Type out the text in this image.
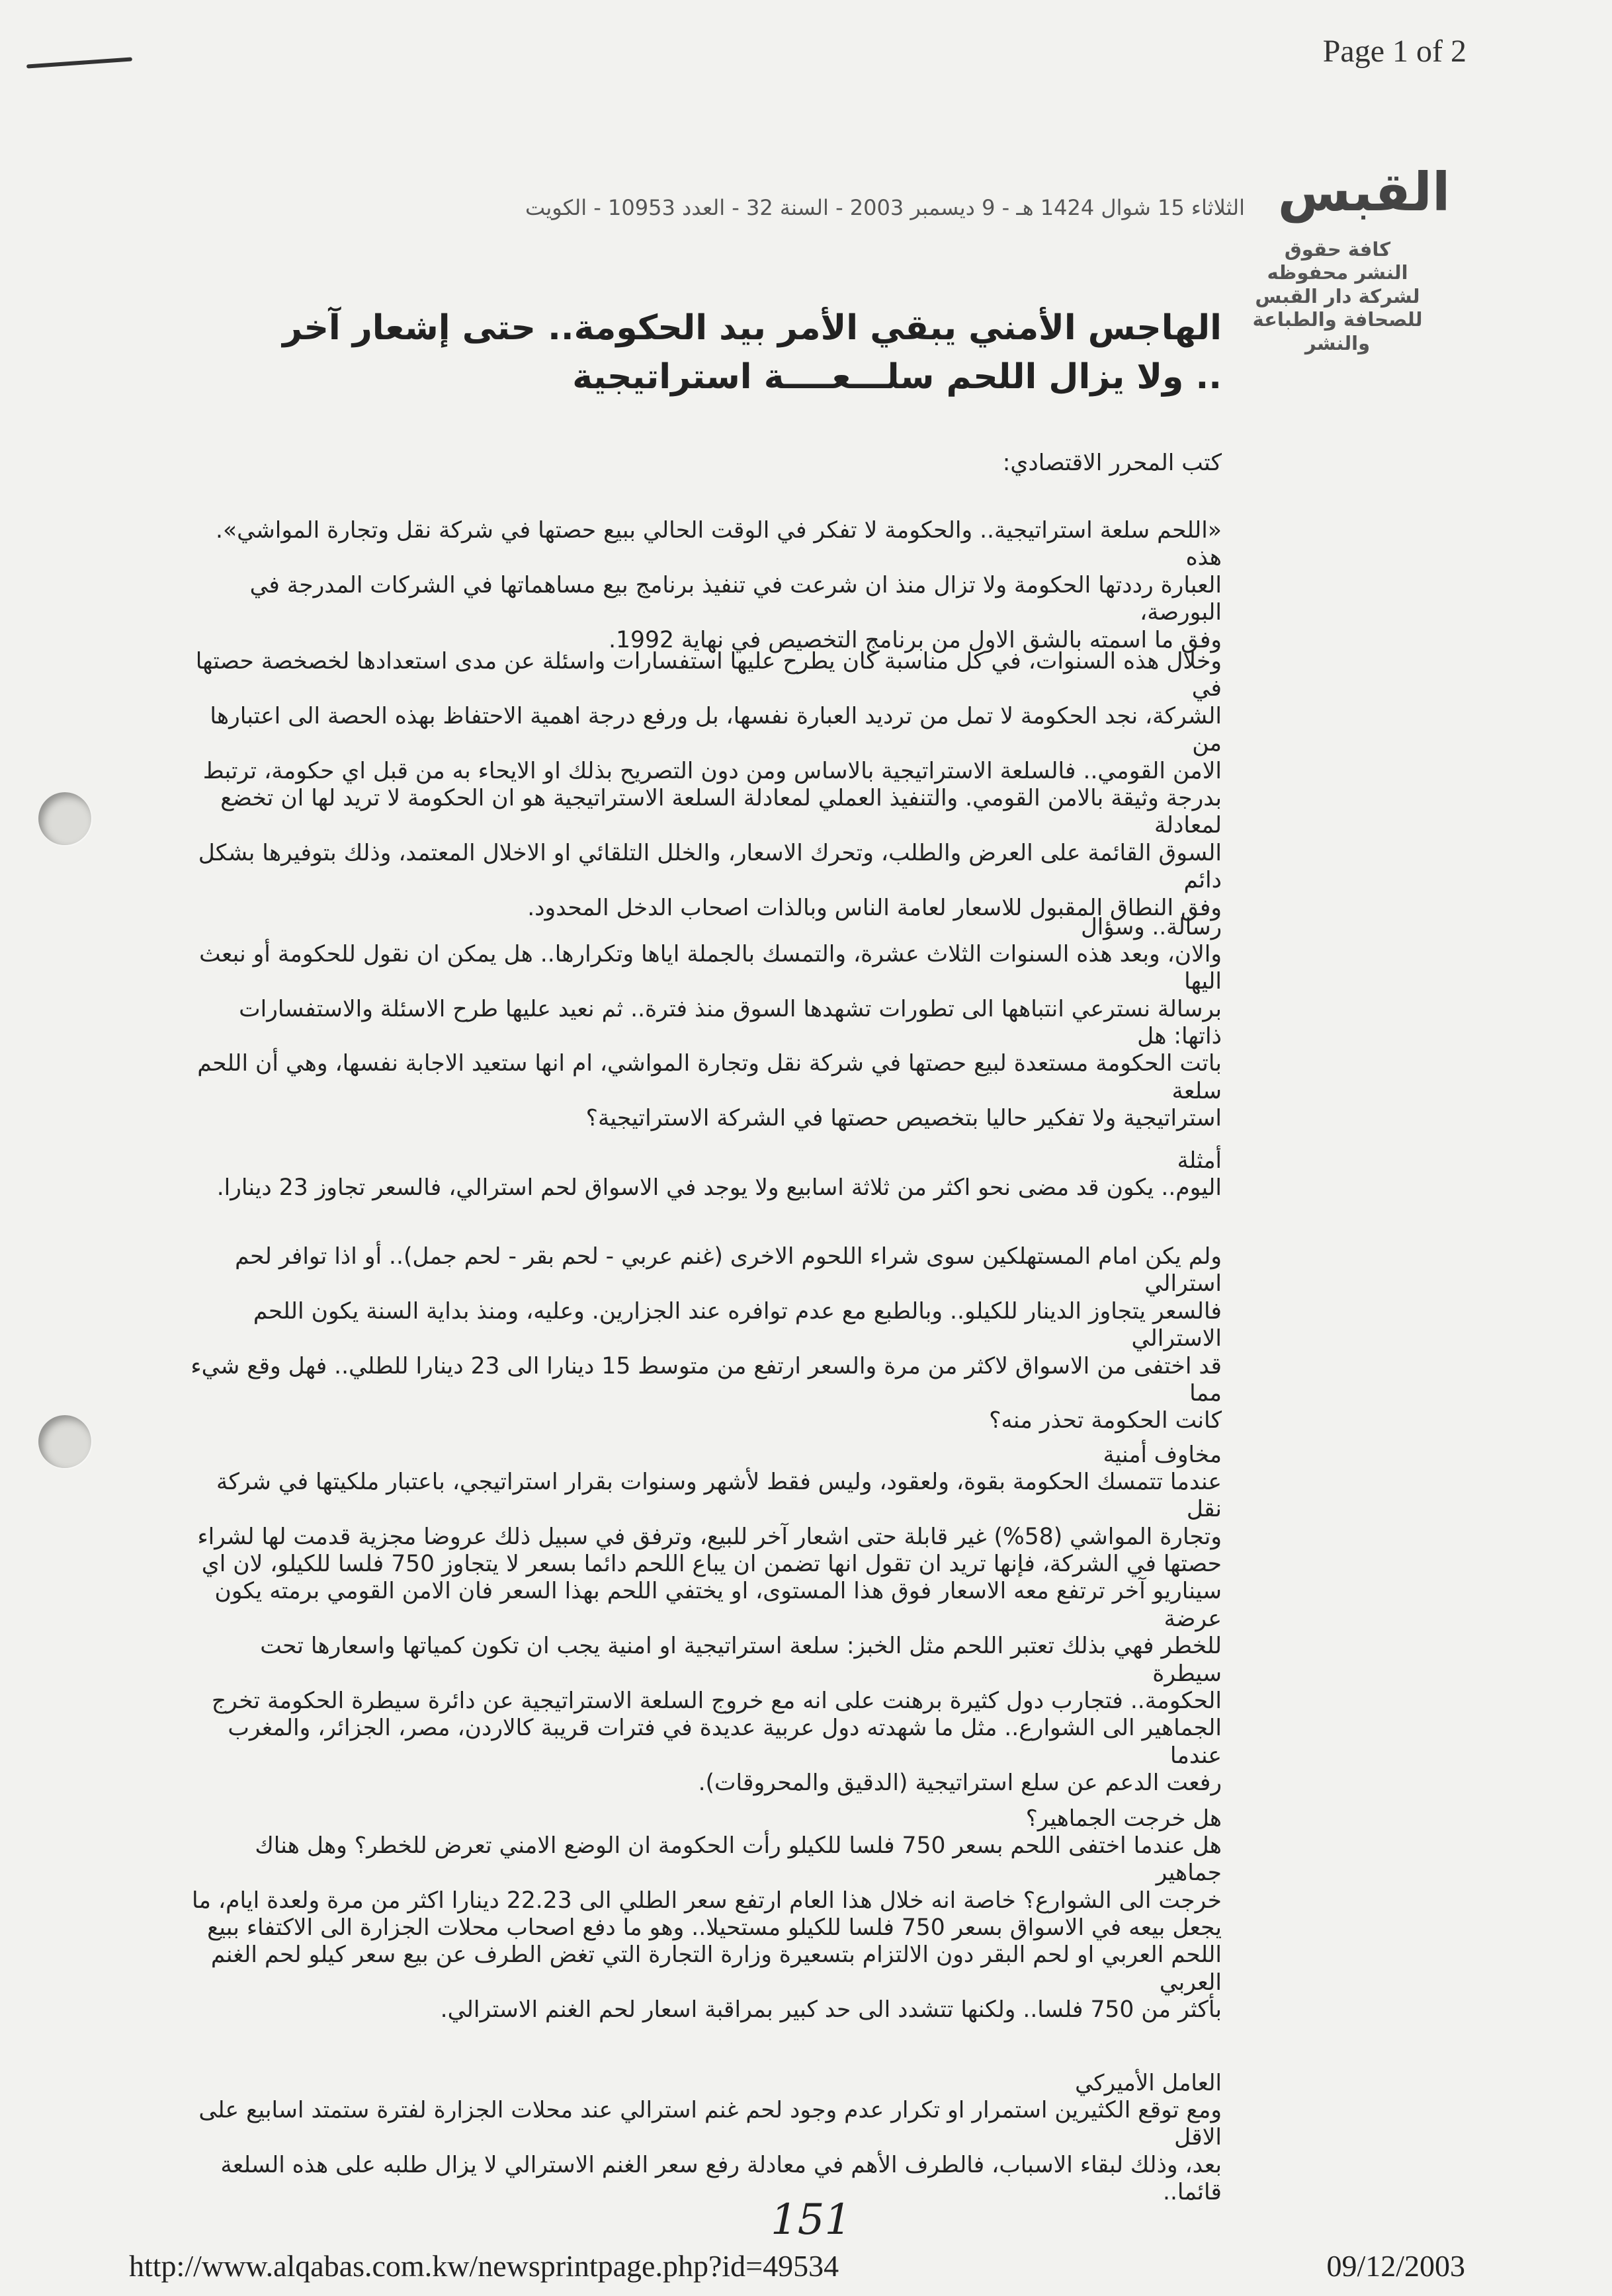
Page 1 of 2
القبس
كافة حقوق
النشر محفوظه
لشركة دار القبس
للصحافة والطباعة
والنشر
الثلاثاء 15 شوال 1424 هـ - 9 ديسمبر 2003 - السنة 32 - العدد 10953 - الكويت
الهاجس الأمني يبقي الأمر بيد الحكومة.. حتى إشعار آخر
.. ولا يزال اللحم سلـــعــــة استراتيجية

كتب المحرر الاقتصادي:

«اللحم سلعة استراتيجية.. والحكومة لا تفكر في الوقت الحالي ببيع حصتها في شركة نقل وتجارة المواشي». هذه

العبارة رددتها الحكومة ولا تزال منذ ان شرعت في تنفيذ برنامج بيع مساهماتها في الشركات المدرجة في البورصة،

وفق ما اسمته بالشق الاول من برنامج التخصيص في نهاية 1992.

وخلال هذه السنوات، في كل مناسبة كان يطرح عليها استفسارات واسئلة عن مدى استعدادها لخصخصة حصتها في

الشركة، نجد الحكومة لا تمل من ترديد العبارة نفسها، بل ورفع درجة اهمية الاحتفاظ بهذه الحصة الى اعتبارها من

الامن القومي.. فالسلعة الاستراتيجية بالاساس ومن دون التصريح بذلك او الايحاء به من قبل اي حكومة، ترتبط

بدرجة وثيقة بالامن القومي. والتنفيذ العملي لمعادلة السلعة الاستراتيجية هو ان الحكومة لا تريد لها ان تخضع لمعادلة

السوق القائمة على العرض والطلب، وتحرك الاسعار، والخلل التلقائي او الاخلال المعتمد، وذلك بتوفيرها بشكل دائم

وفق النطاق المقبول للاسعار لعامة الناس وبالذات اصحاب الدخل المحدود.

رسالة.. وسؤال

والان، وبعد هذه السنوات الثلاث عشرة، والتمسك بالجملة اياها وتكرارها.. هل يمكن ان نقول للحكومة أو نبعث اليها

برسالة نسترعي انتباهها الى تطورات تشهدها السوق منذ فترة.. ثم نعيد عليها طرح الاسئلة والاستفسارات ذاتها: هل

باتت الحكومة مستعدة لبيع حصتها في شركة نقل وتجارة المواشي، ام انها ستعيد الاجابة نفسها، وهي أن اللحم سلعة

استراتيجية ولا تفكير حاليا بتخصيص حصتها في الشركة الاستراتيجية؟

أمثلة

اليوم.. يكون قد مضى نحو اكثر من ثلاثة اسابيع ولا يوجد في الاسواق لحم استرالي، فالسعر تجاوز 23 دينارا.

ولم يكن امام المستهلكين سوى شراء اللحوم الاخرى (غنم عربي - لحم بقر - لحم جمل).. أو اذا توافر لحم استرالي

فالسعر يتجاوز الدينار للكيلو.. وبالطبع مع عدم توافره عند الجزارين. وعليه، ومنذ بداية السنة يكون اللحم الاسترالي

قد اختفى من الاسواق لاكثر من مرة والسعر ارتفع من متوسط 15 دينارا الى 23 دينارا للطلي.. فهل وقع شيء مما

كانت الحكومة تحذر منه؟

مخاوف أمنية

عندما تتمسك الحكومة بقوة، ولعقود، وليس فقط لأشهر وسنوات بقرار استراتيجي، باعتبار ملكيتها في شركة نقل

وتجارة المواشي (58%) غير قابلة حتى اشعار آخر للبيع، وترفق في سبيل ذلك عروضا مجزية قدمت لها لشراء

حصتها في الشركة، فإنها تريد ان تقول انها تضمن ان يباع اللحم دائما بسعر لا يتجاوز 750 فلسا للكيلو، لان اي

سيناريو آخر ترتفع معه الاسعار فوق هذا المستوى، او يختفي اللحم بهذا السعر فان الامن القومي برمته يكون عرضة

للخطر فهي بذلك تعتبر اللحم مثل الخبز: سلعة استراتيجية او امنية يجب ان تكون كمياتها واسعارها تحت سيطرة

الحكومة.. فتجارب دول كثيرة برهنت على انه مع خروج السلعة الاستراتيجية عن دائرة سيطرة الحكومة تخرج

الجماهير الى الشوارع.. مثل ما شهدته دول عربية عديدة في فترات قريبة كالاردن، مصر، الجزائر، والمغرب عندما

رفعت الدعم عن سلع استراتيجية (الدقيق والمحروقات).

هل خرجت الجماهير؟

هل عندما اختفى اللحم بسعر 750 فلسا للكيلو رأت الحكومة ان الوضع الامني تعرض للخطر؟ وهل هناك جماهير

خرجت الى الشوارع؟ خاصة انه خلال هذا العام ارتفع سعر الطلي الى 22.23 دينارا اكثر من مرة ولعدة ايام، ما

يجعل بيعه في الاسواق بسعر 750 فلسا للكيلو مستحيلا.. وهو ما دفع اصحاب محلات الجزارة الى الاكتفاء ببيع

اللحم العربي او لحم البقر دون الالتزام بتسعيرة وزارة التجارة التي تغض الطرف عن بيع سعر كيلو لحم الغنم العربي

بأكثر من 750 فلسا.. ولكنها تتشدد الى حد كبير بمراقبة اسعار لحم الغنم الاسترالي.

العامل الأميركي

ومع توقع الكثيرين استمرار او تكرار عدم وجود لحم غنم استرالي عند محلات الجزارة لفترة ستمتد اسابيع على الاقل

بعد، وذلك لبقاء الاسباب، فالطرف الأهم في معادلة رفع سعر الغنم الاسترالي لا يزال طلبه على هذه السلعة قائما..

151
http://www.alqabas.com.kw/newsprintpage.php?id=49534	09/12/2003
